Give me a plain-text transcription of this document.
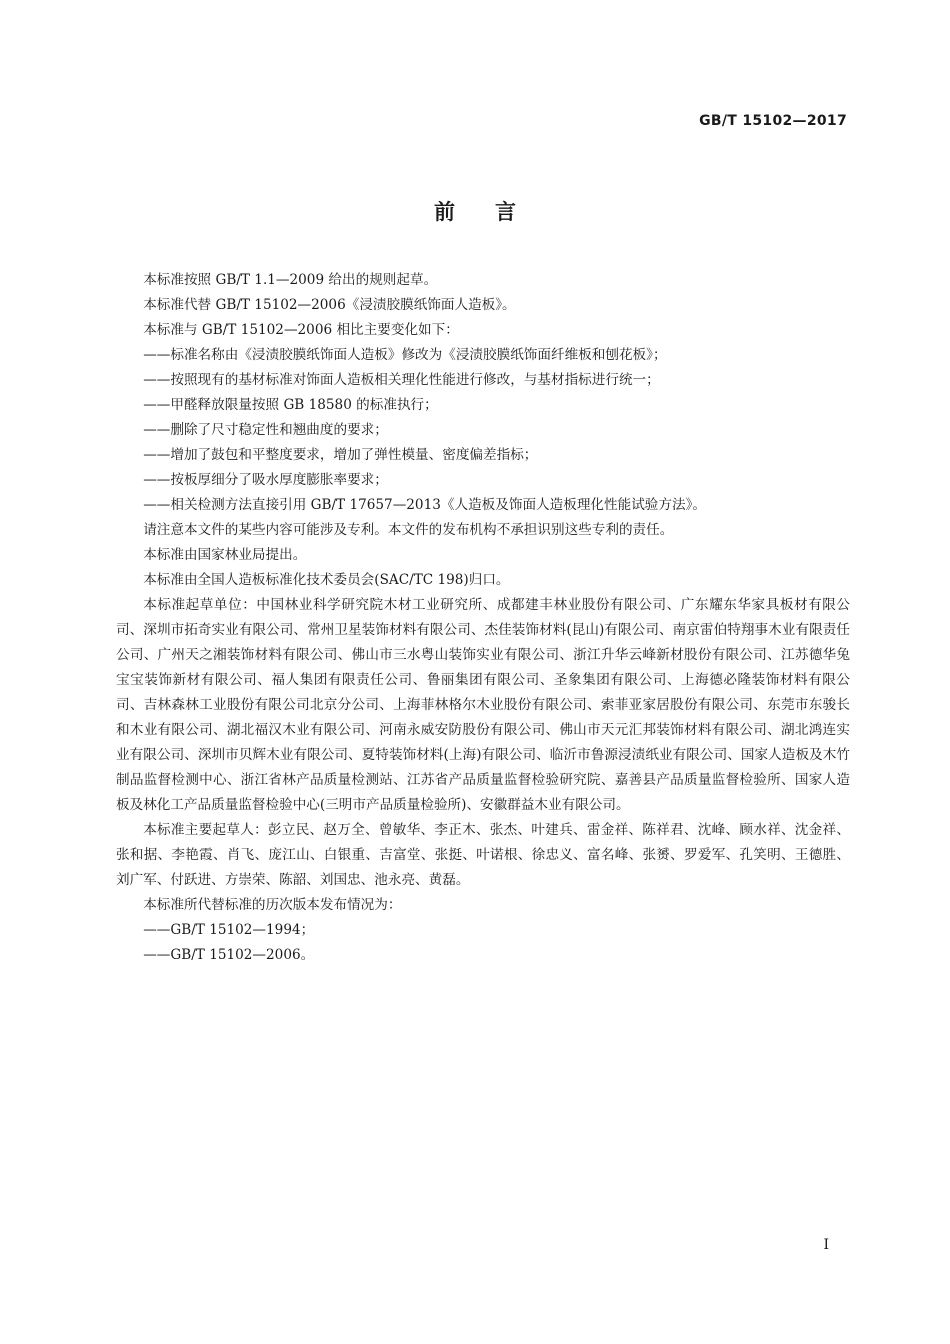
GB/T 15102—2017
前言

本标准按照 GB/T 1.1—2009 给出的规则起草。

本标准代替 GB/T 15102—2006《浸渍胶膜纸饰面人造板》。

本标准与 GB/T 15102—2006 相比主要变化如下：

——标准名称由《浸渍胶膜纸饰面人造板》修改为《浸渍胶膜纸饰面纤维板和刨花板》；

——按照现有的基材标准对饰面人造板相关理化性能进行修改，与基材指标进行统一；

——甲醛释放限量按照 GB 18580 的标准执行；

——删除了尺寸稳定性和翘曲度的要求；

——增加了鼓包和平整度要求，增加了弹性模量、密度偏差指标；

——按板厚细分了吸水厚度膨胀率要求；

——相关检测方法直接引用 GB/T 17657—2013《人造板及饰面人造板理化性能试验方法》。

请注意本文件的某些内容可能涉及专利。本文件的发布机构不承担识别这些专利的责任。

本标准由国家林业局提出。

本标准由全国人造板标准化技术委员会(SAC/TC 198)归口。

本标准起草单位：中国林业科学研究院木材工业研究所、成都建丰林业股份有限公司、广东耀东华家具板材有限公司、深圳市拓奇实业有限公司、常州卫星装饰材料有限公司、杰佳装饰材料(昆山)有限公司、南京雷伯特翔事木业有限责任公司、广州天之湘装饰材料有限公司、佛山市三水粤山装饰实业有限公司、浙江升华云峰新材股份有限公司、江苏德华兔宝宝装饰新材有限公司、福人集团有限责任公司、鲁丽集团有限公司、圣象集团有限公司、上海德必隆装饰材料有限公司、吉林森林工业股份有限公司北京分公司、上海菲林格尔木业股份有限公司、索菲亚家居股份有限公司、东莞市东骏长和木业有限公司、湖北福汉木业有限公司、河南永威安防股份有限公司、佛山市天元汇邦装饰材料有限公司、湖北鸿连实业有限公司、深圳市贝辉木业有限公司、夏特装饰材料(上海)有限公司、临沂市鲁源浸渍纸业有限公司、国家人造板及木竹制品监督检测中心、浙江省林产品质量检测站、江苏省产品质量监督检验研究院、嘉善县产品质量监督检验所、国家人造板及林化工产品质量监督检验中心(三明市产品质量检验所)、安徽群益木业有限公司。

本标准主要起草人：彭立民、赵万全、曾敏华、李正木、张杰、叶建兵、雷金祥、陈祥君、沈峰、顾水祥、沈金祥、张和据、李艳霞、肖飞、庞江山、白银重、吉富堂、张挺、叶诺根、徐忠义、富名峰、张赟、罗爱军、孔笑明、王德胜、刘广军、付跃进、方崇荣、陈韶、刘国忠、池永亮、黄磊。

本标准所代替标准的历次版本发布情况为：

——GB/T 15102—1994；

——GB/T 15102—2006。

I
